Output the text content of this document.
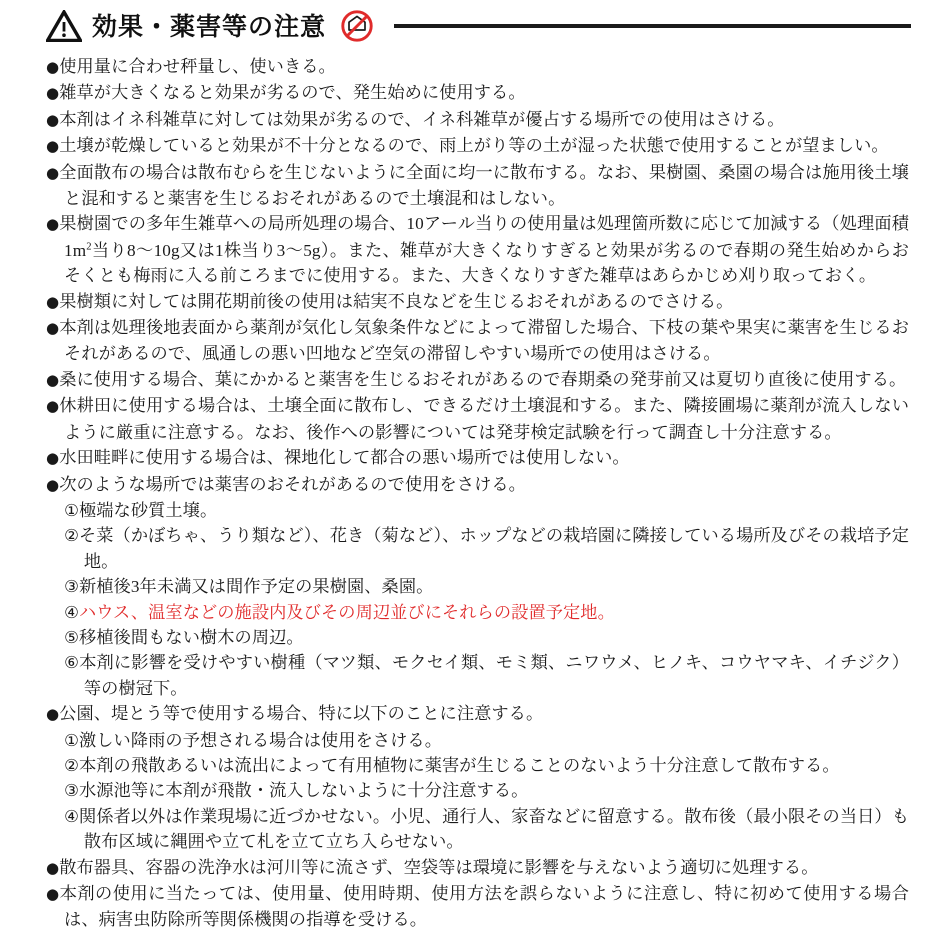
効果・薬害等の注意

●使用量に合わせ秤量し、使いきる。

●雑草が大きくなると効果が劣るので、発生始めに使用する。

●本剤はイネ科雑草に対しては効果が劣るので、イネ科雑草が優占する場所での使用はさける。

●土壌が乾燥していると効果が不十分となるので、雨上がり等の土が湿った状態で使用することが望ましい。

●全面散布の場合は散布むらを生じないように全面に均一に散布する。なお、果樹園、桑園の場合は施用後土壌と混和すると薬害を生じるおそれがあるので土壌混和はしない。

●果樹園での多年生雑草への局所処理の場合、10アール当りの使用量は処理箇所数に応じて加減する（処理面積$1m^2$当り8〜10g又は1株当り3〜5g）。また、雑草が大きくなりすぎると効果が劣るので春期の発生始めからおそくとも梅雨に入る前ころまでに使用する。また、大きくなりすぎた雑草はあらかじめ刈り取っておく。

●果樹類に対しては開花期前後の使用は結実不良などを生じるおそれがあるのでさける。

●本剤は処理後地表面から薬剤が気化し気象条件などによって滞留した場合、下枝の葉や果実に薬害を生じるおそれがあるので、風通しの悪い凹地など空気の滞留しやすい場所での使用はさける。

●桑に使用する場合、葉にかかると薬害を生じるおそれがあるので春期桑の発芽前又は夏切り直後に使用する。

●休耕田に使用する場合は、土壌全面に散布し、できるだけ土壌混和する。また、隣接圃場に薬剤が流入しないように厳重に注意する。なお、後作への影響については発芽検定試験を行って調査し十分注意する。

●水田畦畔に使用する場合は、裸地化して都合の悪い場所では使用しない。

●次のような場所では薬害のおそれがあるので使用をさける。

①極端な砂質土壌。

②そ菜（かぼちゃ、うり類など）、花き（菊など）、ホップなどの栽培園に隣接している場所及びその栽培予定地。

③新植後3年未満又は間作予定の果樹園、桑園。

④ハウス、温室などの施設内及びその周辺並びにそれらの設置予定地。

⑤移植後間もない樹木の周辺。

⑥本剤に影響を受けやすい樹種（マツ類、モクセイ類、モミ類、ニワウメ、ヒノキ、コウヤマキ、イチジク）等の樹冠下。

●公園、堤とう等で使用する場合、特に以下のことに注意する。

①激しい降雨の予想される場合は使用をさける。

②本剤の飛散あるいは流出によって有用植物に薬害が生じることのないよう十分注意して散布する。

③水源池等に本剤が飛散・流入しないように十分注意する。

④関係者以外は作業現場に近づかせない。小児、通行人、家畜などに留意する。散布後（最小限その当日）も散布区域に縄囲や立て札を立て立ち入らせない。

●散布器具、容器の洗浄水は河川等に流さず、空袋等は環境に影響を与えないよう適切に処理する。

●本剤の使用に当たっては、使用量、使用時期、使用方法を誤らないように注意し、特に初めて使用する場合は、病害虫防除所等関係機関の指導を受ける。
